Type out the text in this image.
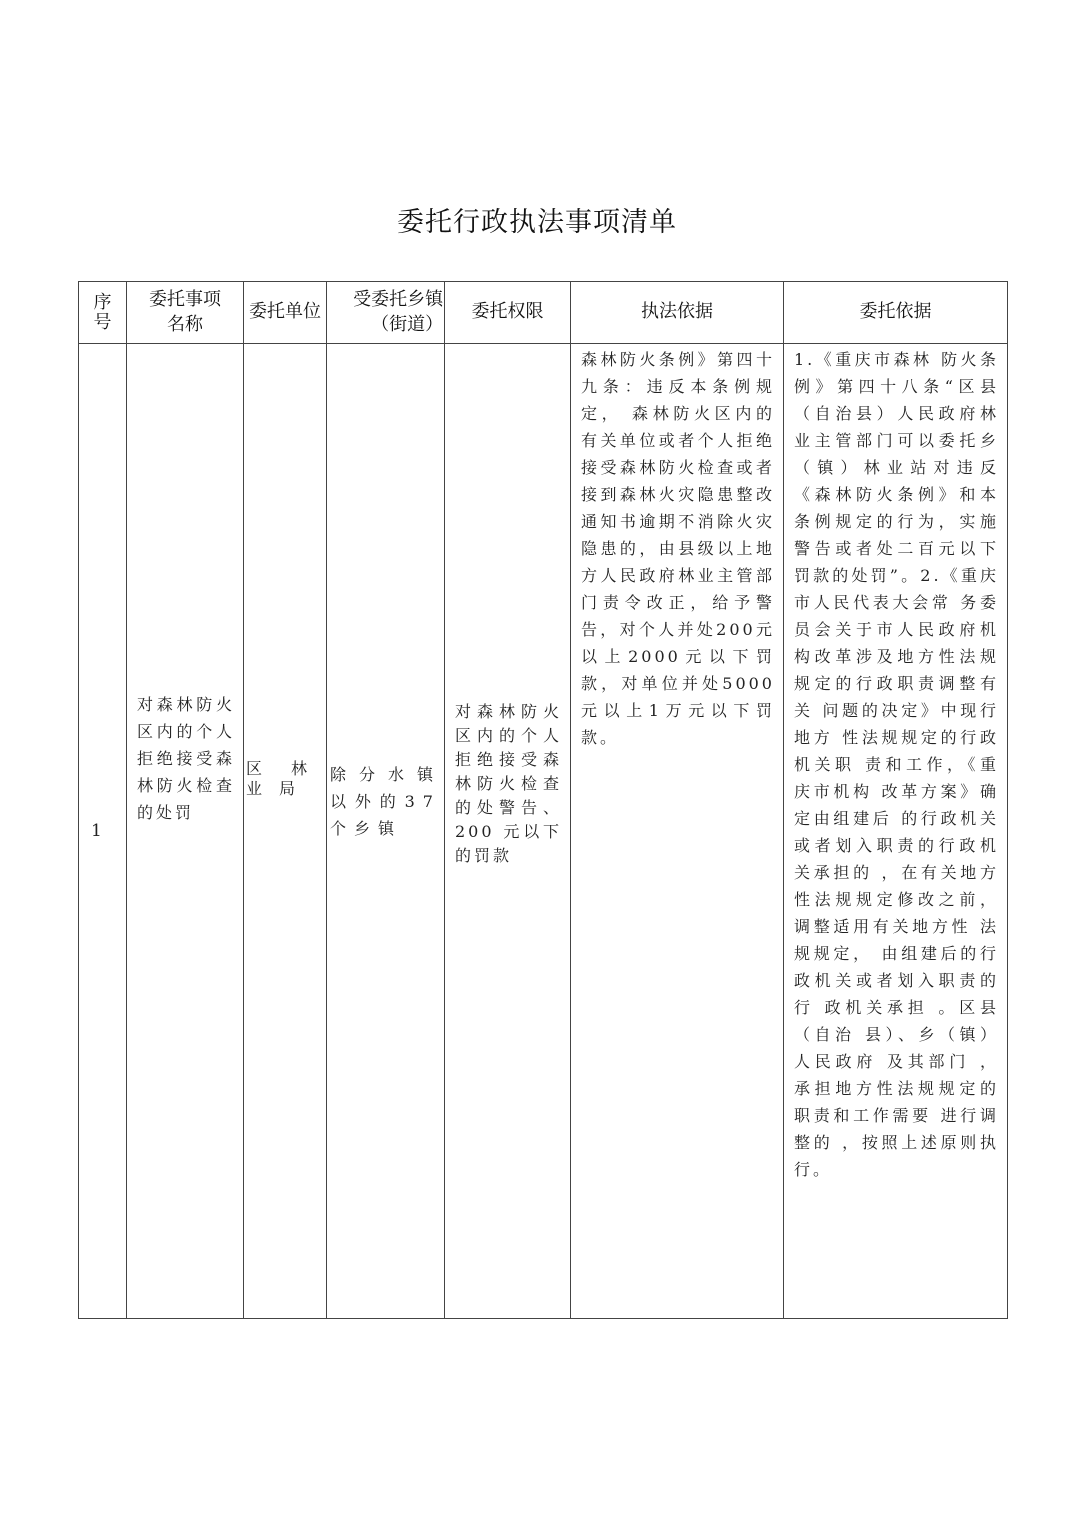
委托行政执法事项清单
序号	委托事项名称	委托单位	受委托乡镇（街道）	委托权限	执法依据	委托依据
1	对森林防火区内的个人拒绝接受森林防火检查的处罚	区林业局	除分水镇以外的37个乡镇	对森林防火区内的个人拒绝接受森林防火检查的处警告、200 元以下的罚款	森林防火条例》第四十九条：违反本条例规定， 森林防火区内的有关单位或者个人拒绝接受森林防火检查或者接到森林火灾隐患整改通知书逾期不消除火灾隐患的，由县级以上地方人民政府林业主管部门责令改正，给予警告，对个人并处200元以上2000元以下罚款，对单位并处5000元以上1万元以下罚款。	1.《重庆市森林 防火条例》第四十八条“区县（自治县）人民政府林业主管部门可以委托乡（镇）林业站对违反《森林防火条例》和本条例规定的行为，实施警告或者处二百元以下罚款的处罚”。2.《重庆市人民代表大会常 务委员会关于市人民政府机构改革涉及地方性法规规定的行政职责调整有关 问题的决定》中现行地方 性法规规定的行政机关职 责和工作，《重庆市机构 改革方案》确定由组建后 的行政机关或者划入职责的行政机关承担的 ，在有关地方性法规规定修改之前，调整适用有关地方性 法规规定， 由组建后的行政机关或者划入职责的行 政机关承担 。区县（自治 县）、乡（镇）人民政府 及其部门 ，承担地方性法规规定的职责和工作需要 进行调整的 ，按照上述原则执行。
